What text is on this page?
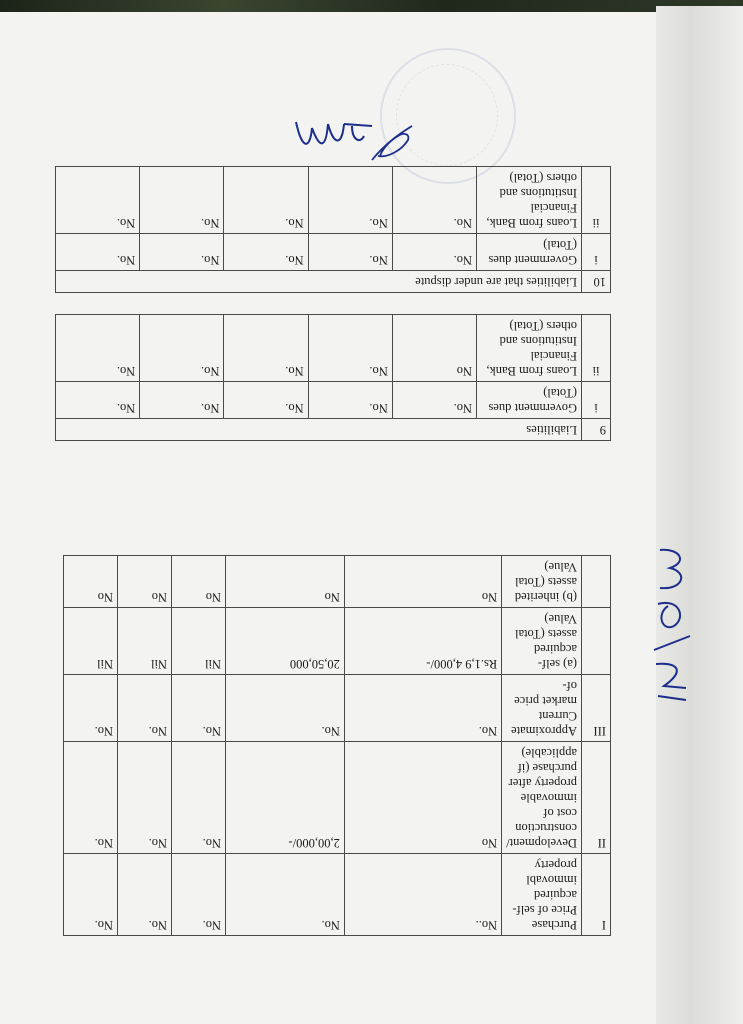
I	Purchase Price of self-acquired immovabl property	No..	No.	No.	No.	No.
II	Development/ construction cost of immovable property after purchase (if applicable)	No	2,00,000/-	No.	No.	No.
III	Approximate Current market price of-	No.	No.	No.	No.	No.
	(a) self-acquired assets (Total Value)	Rs.1,9 4,000/-	20,50,000	Nil	Nil	Nil
	(b) inherited assets (Total Value)	No	No	No	No	No
9	Liabilities					
i	Government dues (Total)	No.	No.	No.	No.	No.
ii	Loans from Bank, Financial Institutions and others (Total)	No	No.	No.	No.	No.
10	Liabilities that are under dispute					
i	Government dues (Total)	No.	No.	No.	No.	No.
ii	Loans from Bank, Financial Institutions and others (Total)	No.	No.	No.	No.	No.
